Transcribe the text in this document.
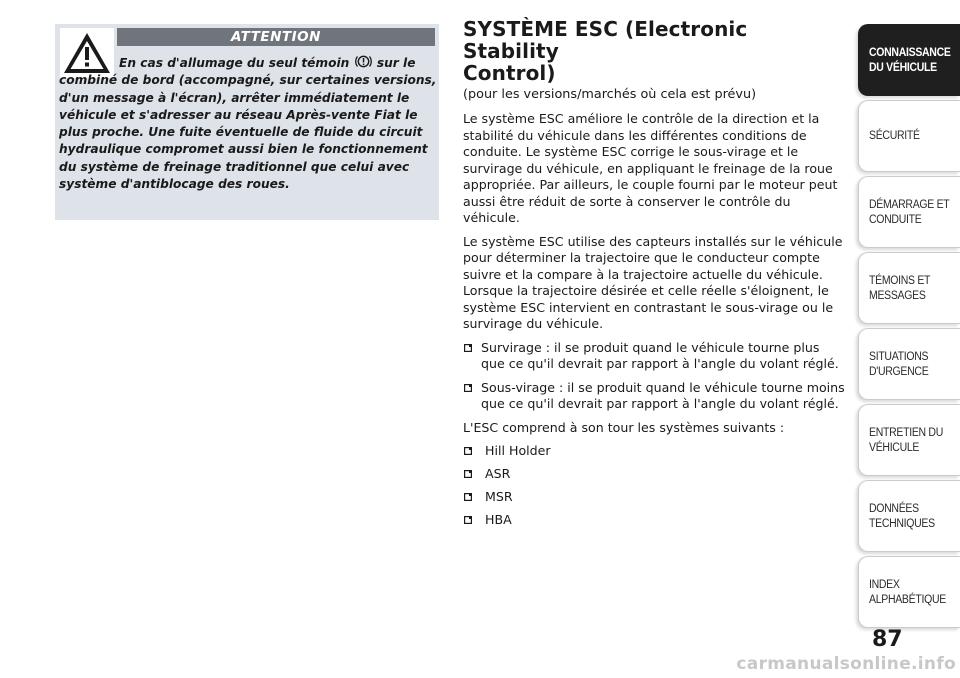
ATTENTION
En cas d'allumage du seul témoin sur le combiné de bord (accompagné, sur certaines versions, d'un message à l'écran), arrêter immédiatement le véhicule et s'adresser au réseau Après-vente Fiat le plus proche. Une fuite éventuelle de fluide du circuit hydraulique compromet aussi bien le fonctionnement du système de freinage traditionnel que celui avec système d'antiblocage des roues.
SYSTÈME ESC (Electronic Stability
Control)
(pour les versions/marchés où cela est prévu)

Le système ESC améliore le contrôle de la direction et la stabilité du véhicule dans les différentes conditions de conduite. Le système ESC corrige le sous-virage et le survirage du véhicule, en appliquant le freinage de la roue appropriée. Par ailleurs, le couple fourni par le moteur peut aussi être réduit de sorte à conserver le contrôle du véhicule.

Le système ESC utilise des capteurs installés sur le véhicule pour déterminer la trajectoire que le conducteur compte suivre et la compare à la trajectoire actuelle du véhicule. Lorsque la trajectoire désirée et celle réelle s'éloignent, le système ESC intervient en contrastant le sous-virage ou le survirage du véhicule.

Survirage : il se produit quand le véhicule tourne plus que ce qu'il devrait par rapport à l'angle du volant réglé.
Sous-virage : il se produit quand le véhicule tourne moins que ce qu'il devrait par rapport à l'angle du volant réglé.

L'ESC comprend à son tour les systèmes suivants :

Hill Holder
ASR
MSR
HBA
CONNAISSANCE
DU VÉHICULE
SÉCURITÉ
DÉMARRAGE ET
CONDUITE
TÉMOINS ET
MESSAGES
SITUATIONS
D'URGENCE
ENTRETIEN DU
VÉHICULE
DONNÉES
TECHNIQUES
INDEX
ALPHABÉTIQUE
87
carmanualsonline.info
